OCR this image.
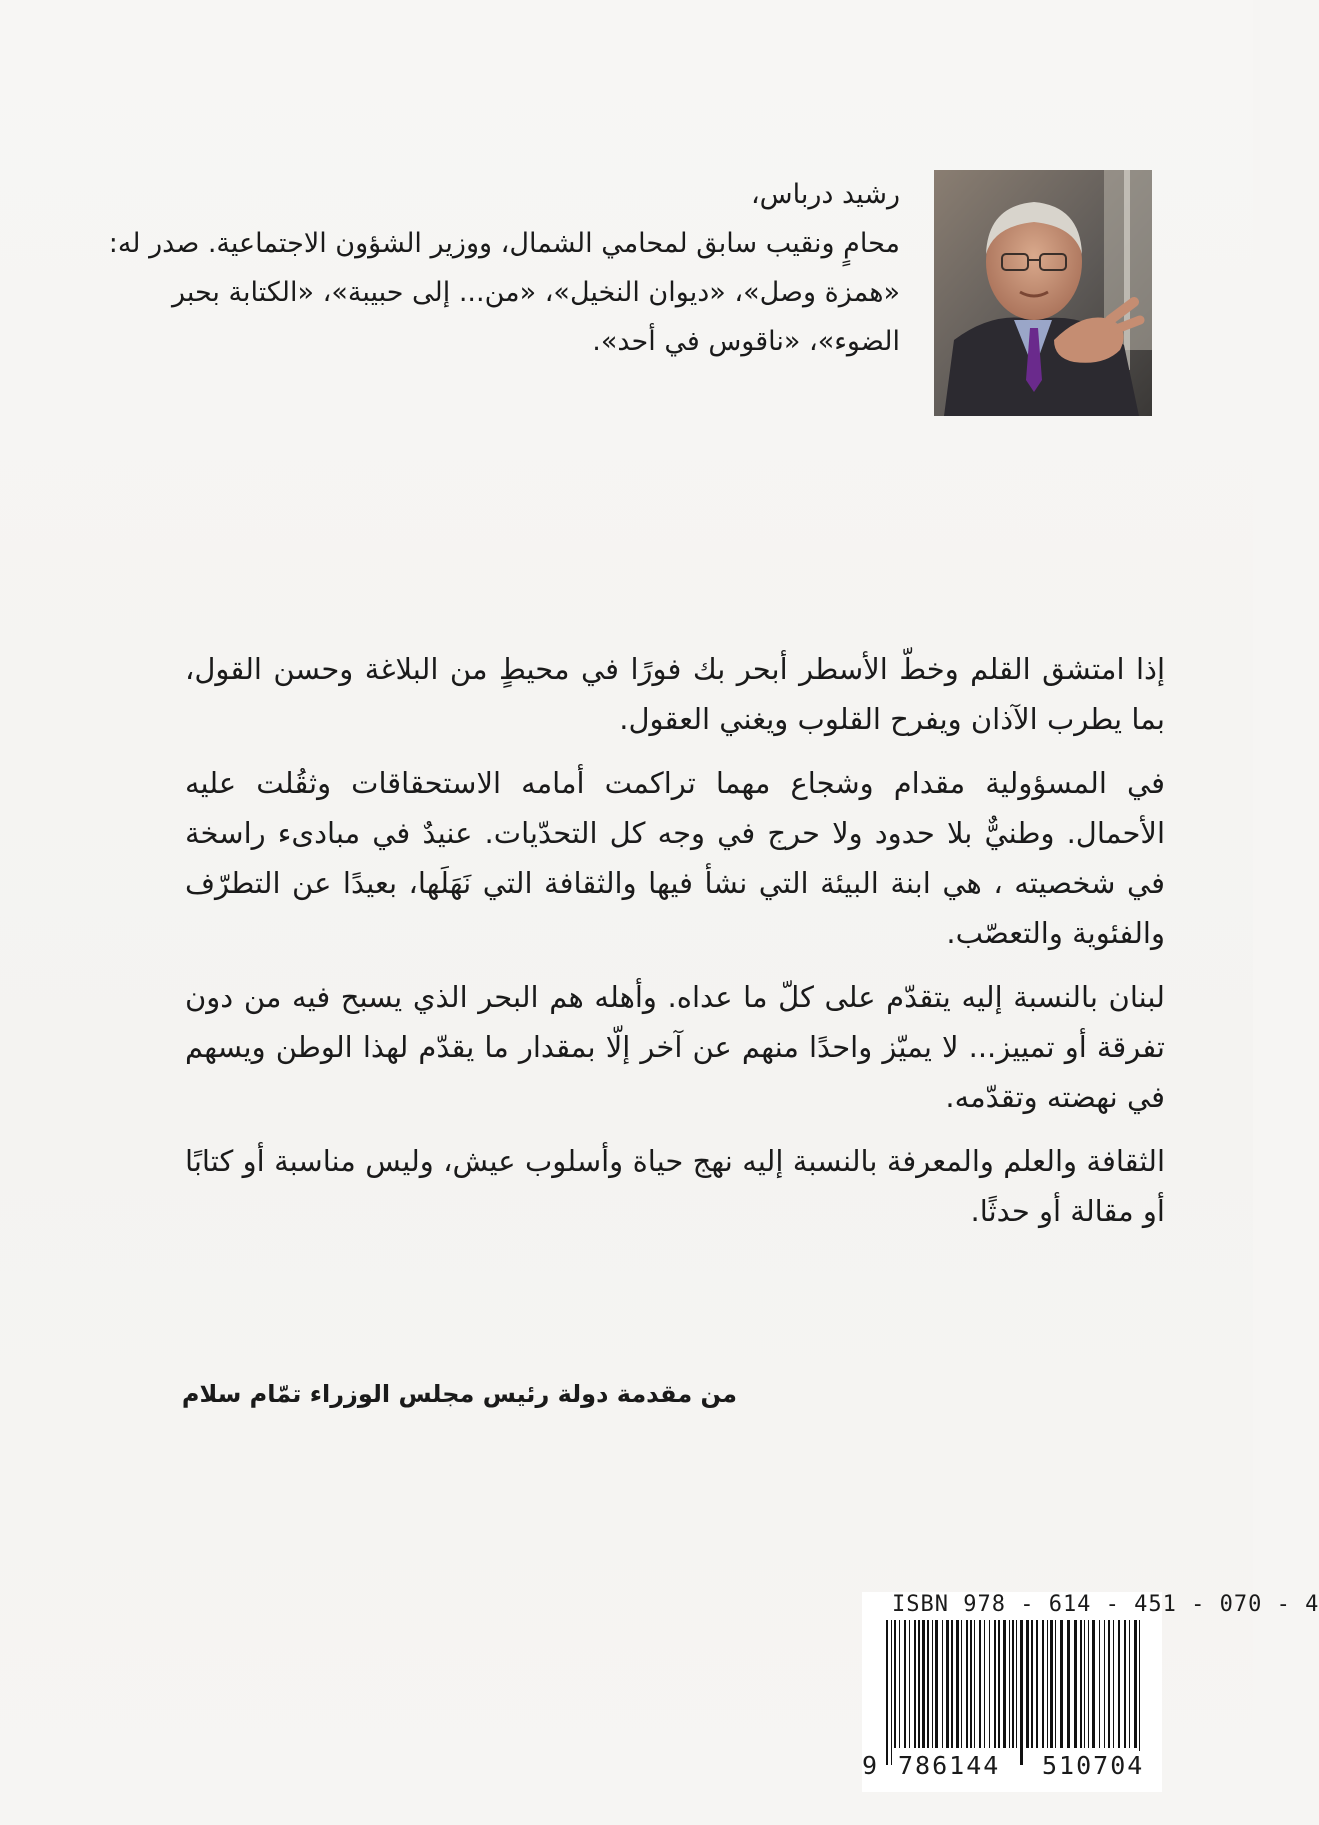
رشيد درباس،
محامٍ ونقيب سابق لمحامي الشمال، ووزير الشؤون الاجتماعية. صدر له:
«همزة وصل»، «ديوان النخيل»، «من... إلى حبيبة»، «الكتابة بحبر
الضوء»، «ناقوس في أحد».
إذا امتشق القلم وخطّ الأسطر أبحر بك فورًا في محيطٍ من البلاغة وحسن القول، بما يطرب الآذان ويفرح القلوب ويغني العقول.
في المسؤولية مقدام وشجاع مهما تراكمت أمامه الاستحقاقات وثقُلت عليه الأحمال. وطنيٌّ بلا حدود ولا حرج في وجه كل التحدّيات. عنيدٌ في مبادىء راسخة في شخصيته ، هي ابنة البيئة التي نشأ فيها والثقافة التي نَهَلَها، بعيدًا عن التطرّف والفئوية والتعصّب.
لبنان بالنسبة إليه يتقدّم على كلّ ما عداه. وأهله هم البحر الذي يسبح فيه من دون تفرقة أو تمييز... لا يميّز واحدًا منهم عن آخر إلّا بمقدار ما يقدّم لهذا الوطن ويسهم في نهضته وتقدّمه.
الثقافة والعلم والمعرفة بالنسبة إليه نهج حياة وأسلوب عيش، وليس مناسبة أو كتابًا أو مقالة أو حدثًا.
من مقدمة دولة رئيس مجلس الوزراء تمّام سلام
ISBN 978 - 614 - 451 - 070 - 4
9 786144 510704
